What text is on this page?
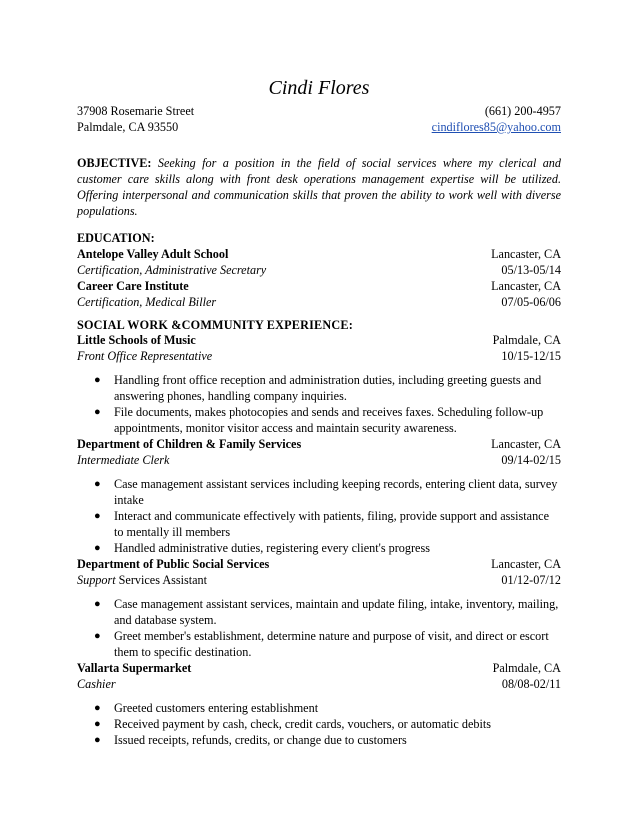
Cindi Flores
37908 Rosemarie Street	(661) 200-4957
Palmdale, CA 93550	cindiflores85@yahoo.com
OBJECTIVE: Seeking for a position in the field of social services where my clerical and customer care skills along with front desk operations management expertise will be utilized. Offering interpersonal and communication skills that proven the ability to work well with diverse populations.
EDUCATION:
Antelope Valley Adult School	Lancaster, CA
Certification, Administrative Secretary	05/13-05/14
Career Care Institute	Lancaster, CA
Certification, Medical Biller	07/05-06/06
SOCIAL WORK &COMMUNITY EXPERIENCE:
Little Schools of Music	Palmdale, CA
Front Office Representative	10/15-12/15
● Handling front office reception and administration duties, including greeting guests and answering phones, handling company inquiries.
● File documents, makes photocopies and sends and receives faxes. Scheduling follow-up appointments, monitor visitor access and maintain security awareness.
Department of Children & Family Services	Lancaster, CA
Intermediate Clerk	09/14-02/15
● Case management assistant services including keeping records, entering client data, survey intake
● Interact and communicate effectively with patients, filing, provide support and assistance to mentally ill members
● Handled administrative duties, registering every client's progress
Department of Public Social Services	Lancaster, CA
Support Services Assistant	01/12-07/12
● Case management assistant services, maintain and update filing, intake, inventory, mailing, and database system.
● Greet member's establishment, determine nature and purpose of visit, and direct or escort them to specific destination.
Vallarta Supermarket	Palmdale, CA
Cashier	08/08-02/11
● Greeted customers entering establishment
● Received payment by cash, check, credit cards, vouchers, or automatic debits
● Issued receipts, refunds, credits, or change due to customers
